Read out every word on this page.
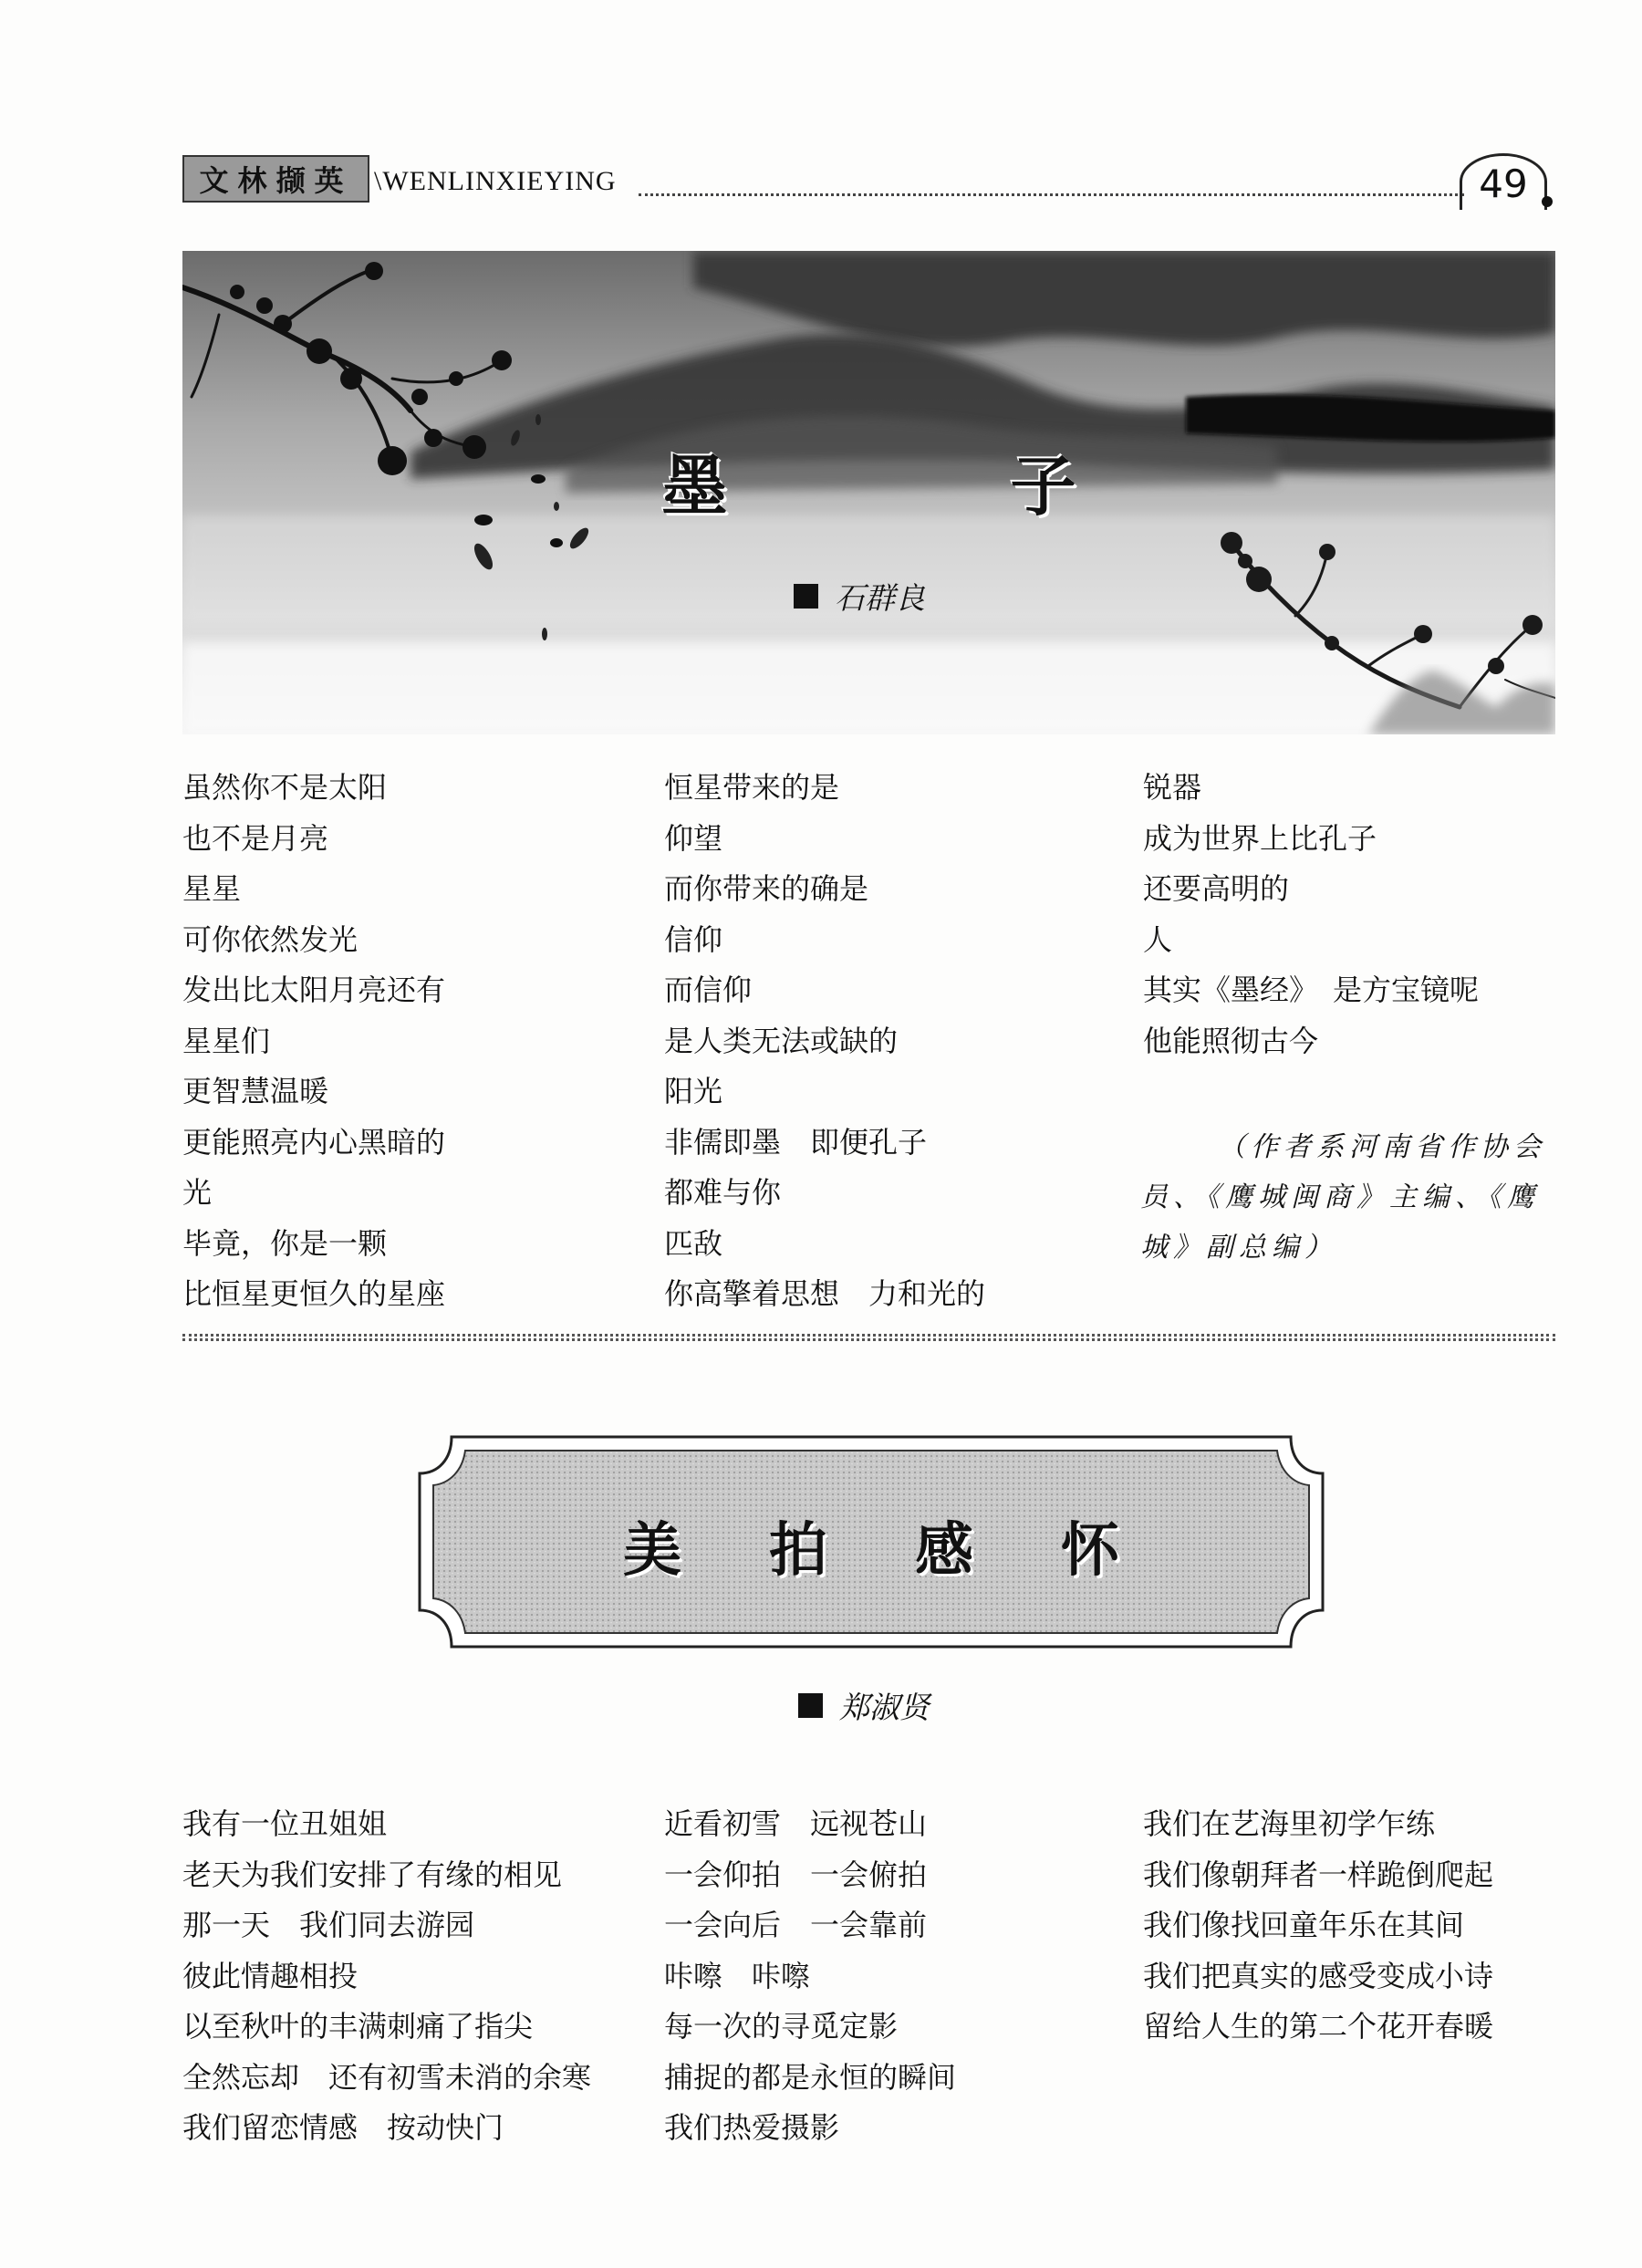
文林撷英 \WENLINXIEYING	49
墨	子
石群良
虽然你不是太阳
也不是月亮
星星
可你依然发光
发出比太阳月亮还有
星星们
更智慧温暖
更能照亮内心黑暗的
光
毕竟，你是一颗
比恒星更恒久的星座
恒星带来的是
仰望
而你带来的确是
信仰
而信仰
是人类无法或缺的
阳光
非儒即墨　即便孔子
都难与你
匹敌
你高擎着思想　力和光的
锐器
成为世界上比孔子
还要高明的
人
其实《墨经》　是方宝镜呢
他能照彻古今
（作者系河南省作协会员、《鹰城闽商》主编、《鹰城》副总编）
美 拍 感 怀
郑淑贤
我有一位丑姐姐
老天为我们安排了有缘的相见
那一天　我们同去游园
彼此情趣相投
以至秋叶的丰满刺痛了指尖
全然忘却　还有初雪未消的余寒
我们留恋情感　按动快门
近看初雪　远视苍山
一会仰拍　一会俯拍
一会向后　一会靠前
咔嚓　咔嚓
每一次的寻觅定影
捕捉的都是永恒的瞬间
我们热爱摄影
我们在艺海里初学乍练
我们像朝拜者一样跪倒爬起
我们像找回童年乐在其间
我们把真实的感受变成小诗
留给人生的第二个花开春暖
